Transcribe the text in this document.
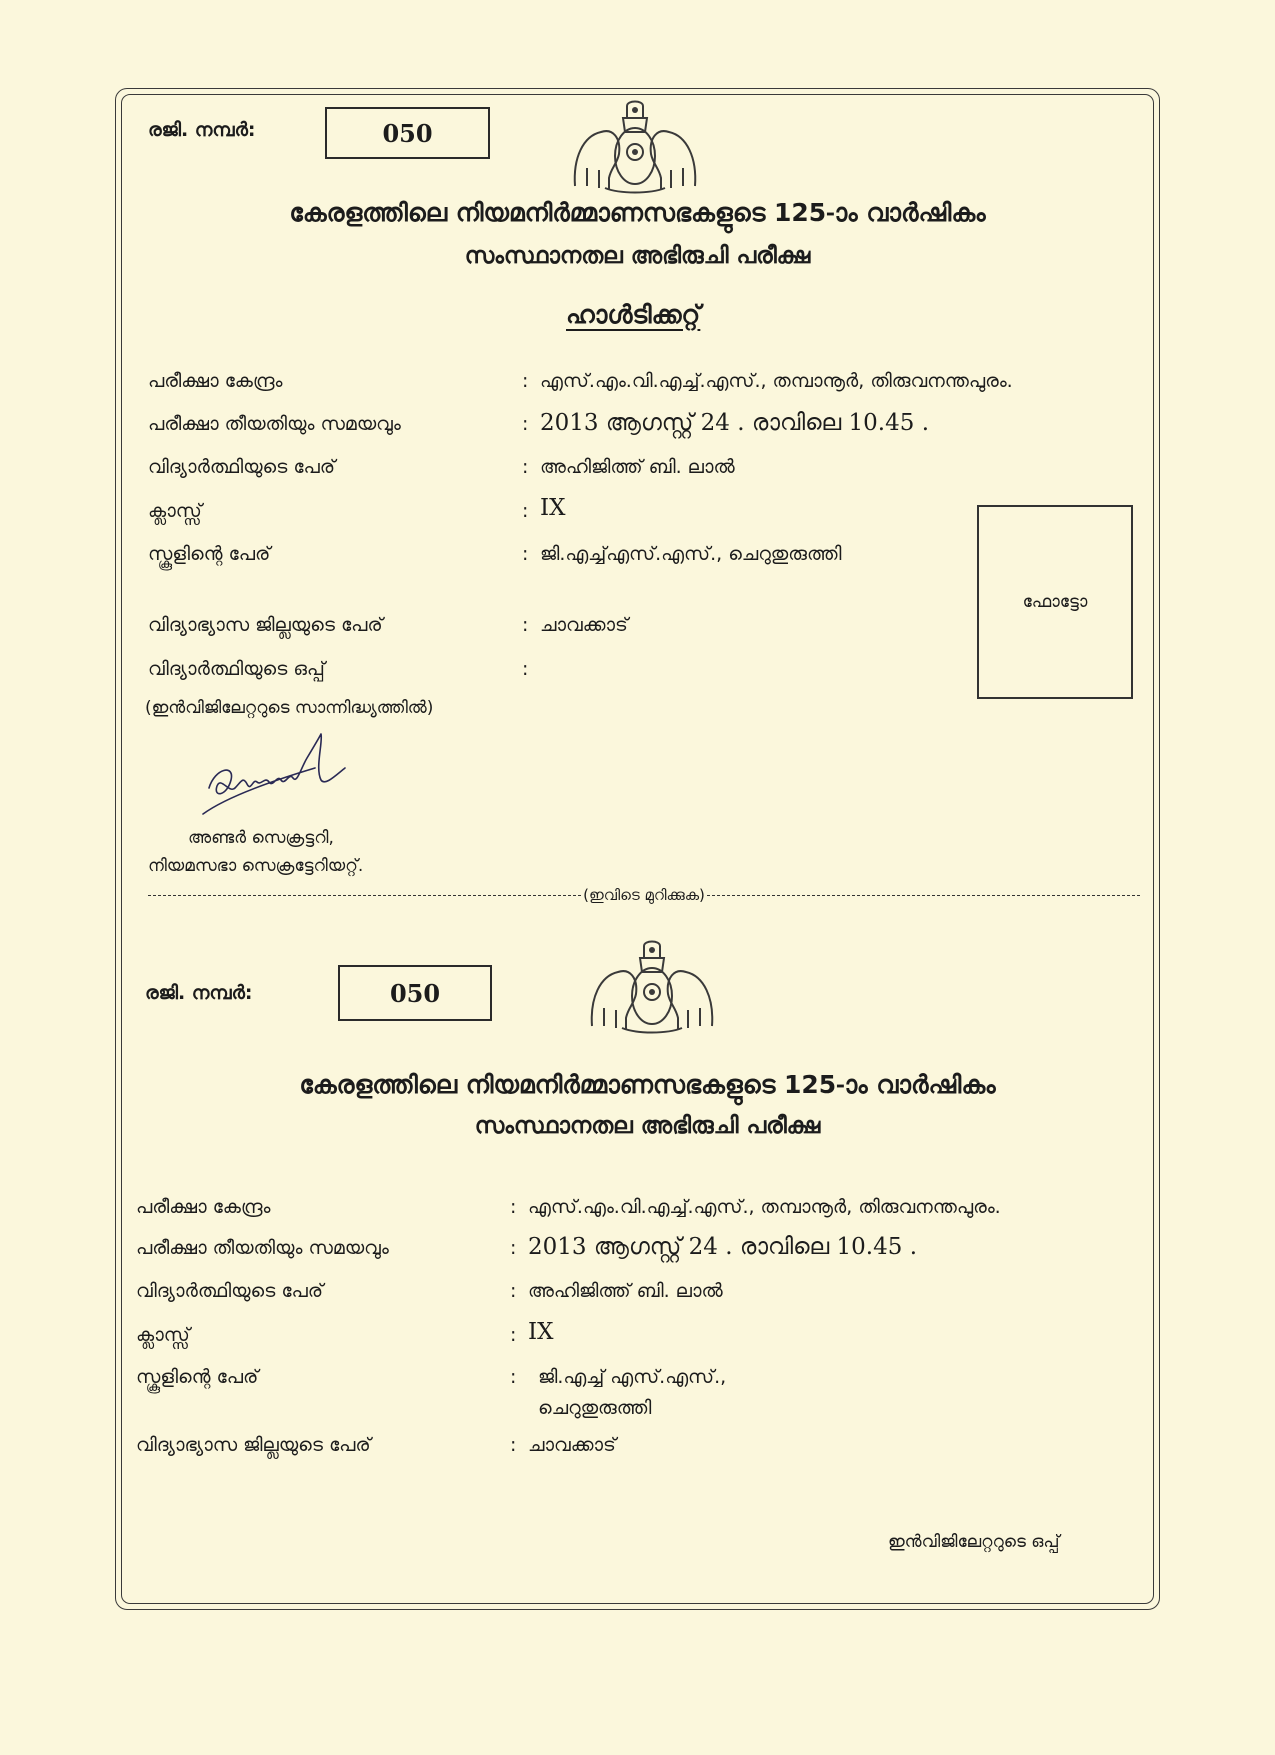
രജി. നമ്പർ:	050
കേരളത്തിലെ നിയമനിർമ്മാണസഭകളുടെ 125-ാം വാർഷികം
സംസ്ഥാനതല അഭിരുചി പരീക്ഷ
ഹാൾടിക്കറ്റ്
പരീക്ഷാ കേന്ദ്രം	: എസ്.എം.വി.എച്ച്.എസ്., തമ്പാനൂർ, തിരുവനന്തപുരം.
പരീക്ഷാ തീയതിയും സമയവും	: 2013 ആഗസ്റ്റ് 24 . രാവിലെ 10.45 .
വിദ്യാർത്ഥിയുടെ പേര്	: അഹിജിത്ത് ബി. ലാൽ
ക്ലാസ്സ്	: IX
സ്കൂളിന്റെ പേര്	: ജി.എച്ച്എസ്.എസ്., ചെറുതുരുത്തി
വിദ്യാഭ്യാസ ജില്ലയുടെ പേര്	: ചാവക്കാട്
വിദ്യാർത്ഥിയുടെ ഒപ്പ്	:
(ഇൻവിജിലേറ്ററുടെ സാന്നിദ്ധ്യത്തിൽ)
ഫോട്ടോ
അണ്ടർ സെക്രട്ടറി,
നിയമസഭാ സെക്രട്ടേറിയറ്റ്.
(ഇവിടെ മുറിക്കുക)
രജി. നമ്പർ:	050
കേരളത്തിലെ നിയമനിർമ്മാണസഭകളുടെ 125-ാം വാർഷികം
സംസ്ഥാനതല അഭിരുചി പരീക്ഷ
പരീക്ഷാ കേന്ദ്രം	: എസ്.എം.വി.എച്ച്.എസ്., തമ്പാനൂർ, തിരുവനന്തപുരം.
പരീക്ഷാ തീയതിയും സമയവും	: 2013 ആഗസ്റ്റ് 24 . രാവിലെ 10.45 .
വിദ്യാർത്ഥിയുടെ പേര്	: അഹിജിത്ത് ബി. ലാൽ
ക്ലാസ്സ്	: IX
സ്കൂളിന്റെ പേര്	: ജി.എച്ച് എസ്.എസ്.,
ചെറുതുരുത്തി
വിദ്യാഭ്യാസ ജില്ലയുടെ പേര്	: ചാവക്കാട്
ഇൻവിജിലേറ്ററുടെ ഒപ്പ്
